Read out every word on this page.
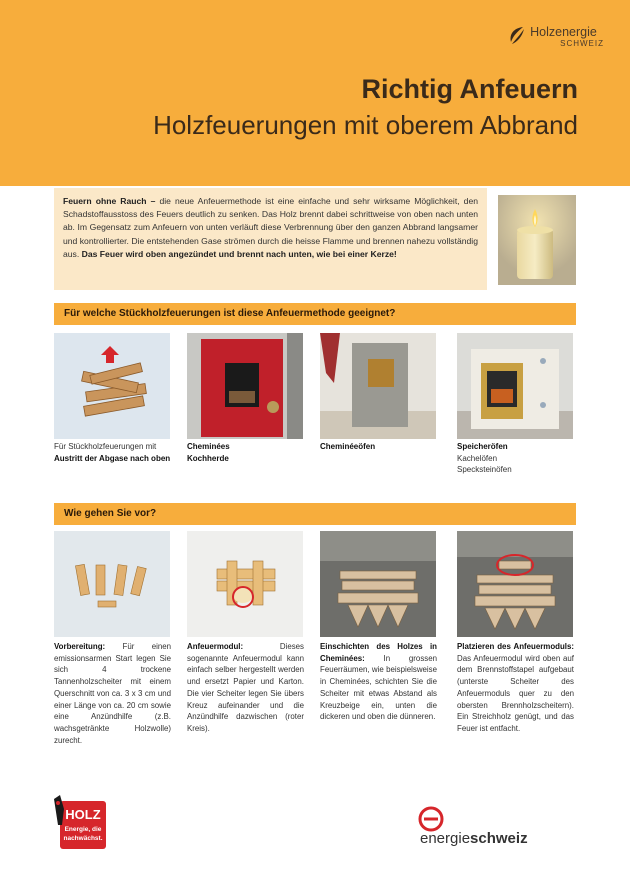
Holzenergie
SCHWEIZ
Richtig Anfeuern
Holzfeuerungen mit oberem Abbrand
Feuern ohne Rauch – die neue Anfeuermethode ist eine einfache und sehr wirksame Möglichkeit, den Schadstoffausstoss des Feuers deutlich zu senken. Das Holz brennt dabei schrittweise von oben nach unten ab. Im Gegensatz zum Anfeuern von unten verläuft diese Verbrennung über den ganzen Abbrand langsamer und kontrollierter. Die entstehenden Gase strömen durch die heisse Flamme und brennen nahezu vollständig aus. Das Feuer wird oben angezündet und brennt nach unten, wie bei einer Kerze!
Für welche Stückholzfeuerungen ist diese Anfeuermethode geeignet?
Für Stückholzfeuerungen mit Austritt der Abgase nach oben
Cheminées
Kochherde
Cheminéeöfen	Speicheröfen
Kachelöfen
Specksteinöfen
Wie gehen Sie vor?
Vorbereitung: Für einen emissionsarmen Start legen Sie sich 4 trockene Tannenholzscheiter mit einem Querschnitt von ca. 3 x 3 cm und einer Länge von ca. 20 cm sowie eine Anzündhilfe (z.B. wachsgetränkte Holzwolle) zurecht.
Anfeuermodul: Dieses sogenannte Anfeuermodul kann einfach selber hergestellt werden und ersetzt Papier und Karton. Die vier Scheiter legen Sie übers Kreuz aufeinander und die Anzündhilfe dazwischen (roter Kreis).
Einschichten des Holzes in Cheminées: In grossen Feuerräumen, wie beispielsweise in Cheminées, schichten Sie die Scheiter mit etwas Abstand als Kreuzbeige ein, unten die dickeren und oben die dünneren.
Platzieren des Anfeuermoduls: Das Anfeuermodul wird oben auf dem Brennstoffstapel aufgebaut (unterste Scheiter des Anfeuermoduls quer zu den obersten Brennholzscheitern). Ein Streichholz genügt, und das Feuer ist entfacht.
HOLZ
Energie, die
nachwächst.	energieschweiz
